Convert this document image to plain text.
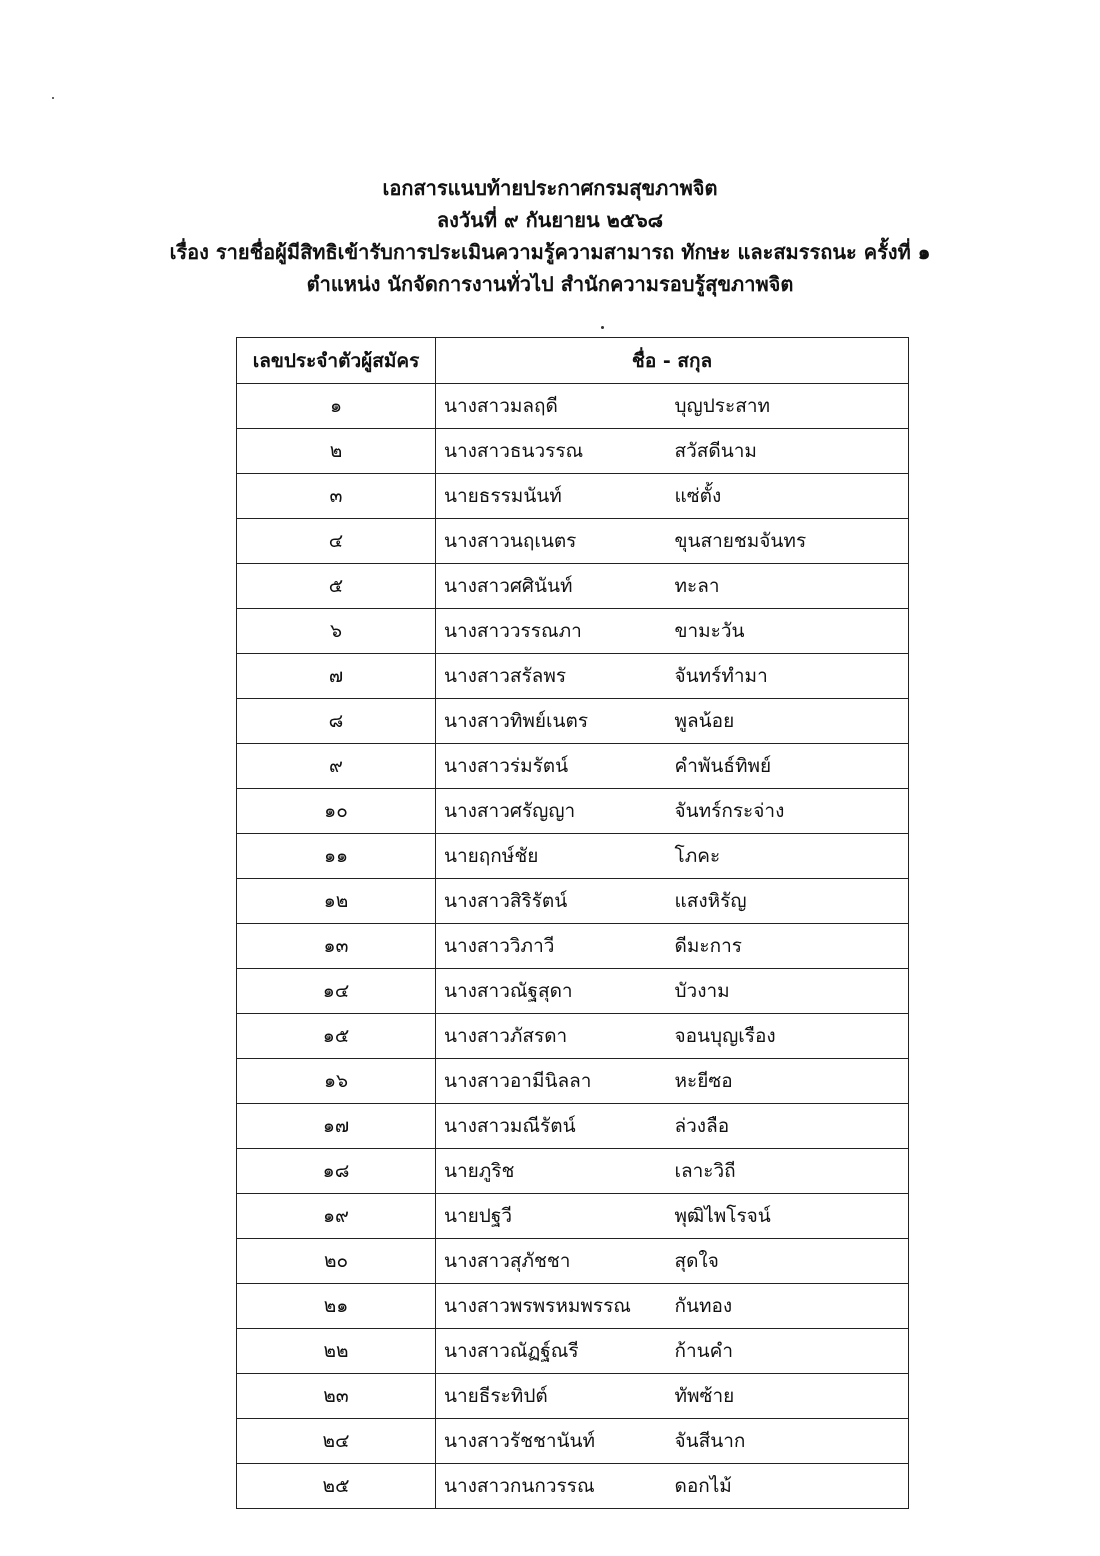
เอกสารแนบท้ายประกาศกรมสุขภาพจิต
ลงวันที่ ๙ กันยายน ๒๕๖๘
เรื่อง รายชื่อผู้มีสิทธิเข้ารับการประเมินความรู้ความสามารถ ทักษะ และสมรรถนะ ครั้งที่ ๑
ตำแหน่ง นักจัดการงานทั่วไป สำนักความรอบรู้สุขภาพจิต
เลขประจำตัวผู้สมัคร	ชื่อ - สกุล	
๑	นางสาวมลฤดี	บุญประสาท
๒	นางสาวธนวรรณ	สวัสดีนาม
๓	นายธรรมนันท์	แซ่ตั้ง
๔	นางสาวนฤเนตร	ขุนสายชมจันทร
๕	นางสาวศศินันท์	ทะลา
๖	นางสาววรรณภา	ขามะวัน
๗	นางสาวสรัลพร	จันทร์ทำมา
๘	นางสาวทิพย์เนตร	พูลน้อย
๙	นางสาวร่มรัตน์	คำพันธ์ทิพย์
๑๐	นางสาวศรัญญา	จันทร์กระจ่าง
๑๑	นายฤกษ์ชัย	โภคะ
๑๒	นางสาวสิริรัตน์	แสงหิรัญ
๑๓	นางสาววิภาวี	ดีมะการ
๑๔	นางสาวณัฐสุดา	บัวงาม
๑๕	นางสาวภัสรดา	จอนบุญเรือง
๑๖	นางสาวอามีนิลลา	หะยีซอ
๑๗	นางสาวมณีรัตน์	ล่วงลือ
๑๘	นายภูริช	เลาะวิถี
๑๙	นายปฐวี	พุฒิไพโรจน์
๒๐	นางสาวสุภัชชา	สุดใจ
๒๑	นางสาวพรพรหมพรรณ	กันทอง
๒๒	นางสาวณัฏฐ์ณรี	ก้านคำ
๒๓	นายธีระทิปต์	ทัพซ้าย
๒๔	นางสาวรัชชานันท์	จันสีนาก
๒๕	นางสาวกนกวรรณ	ดอกไม้
